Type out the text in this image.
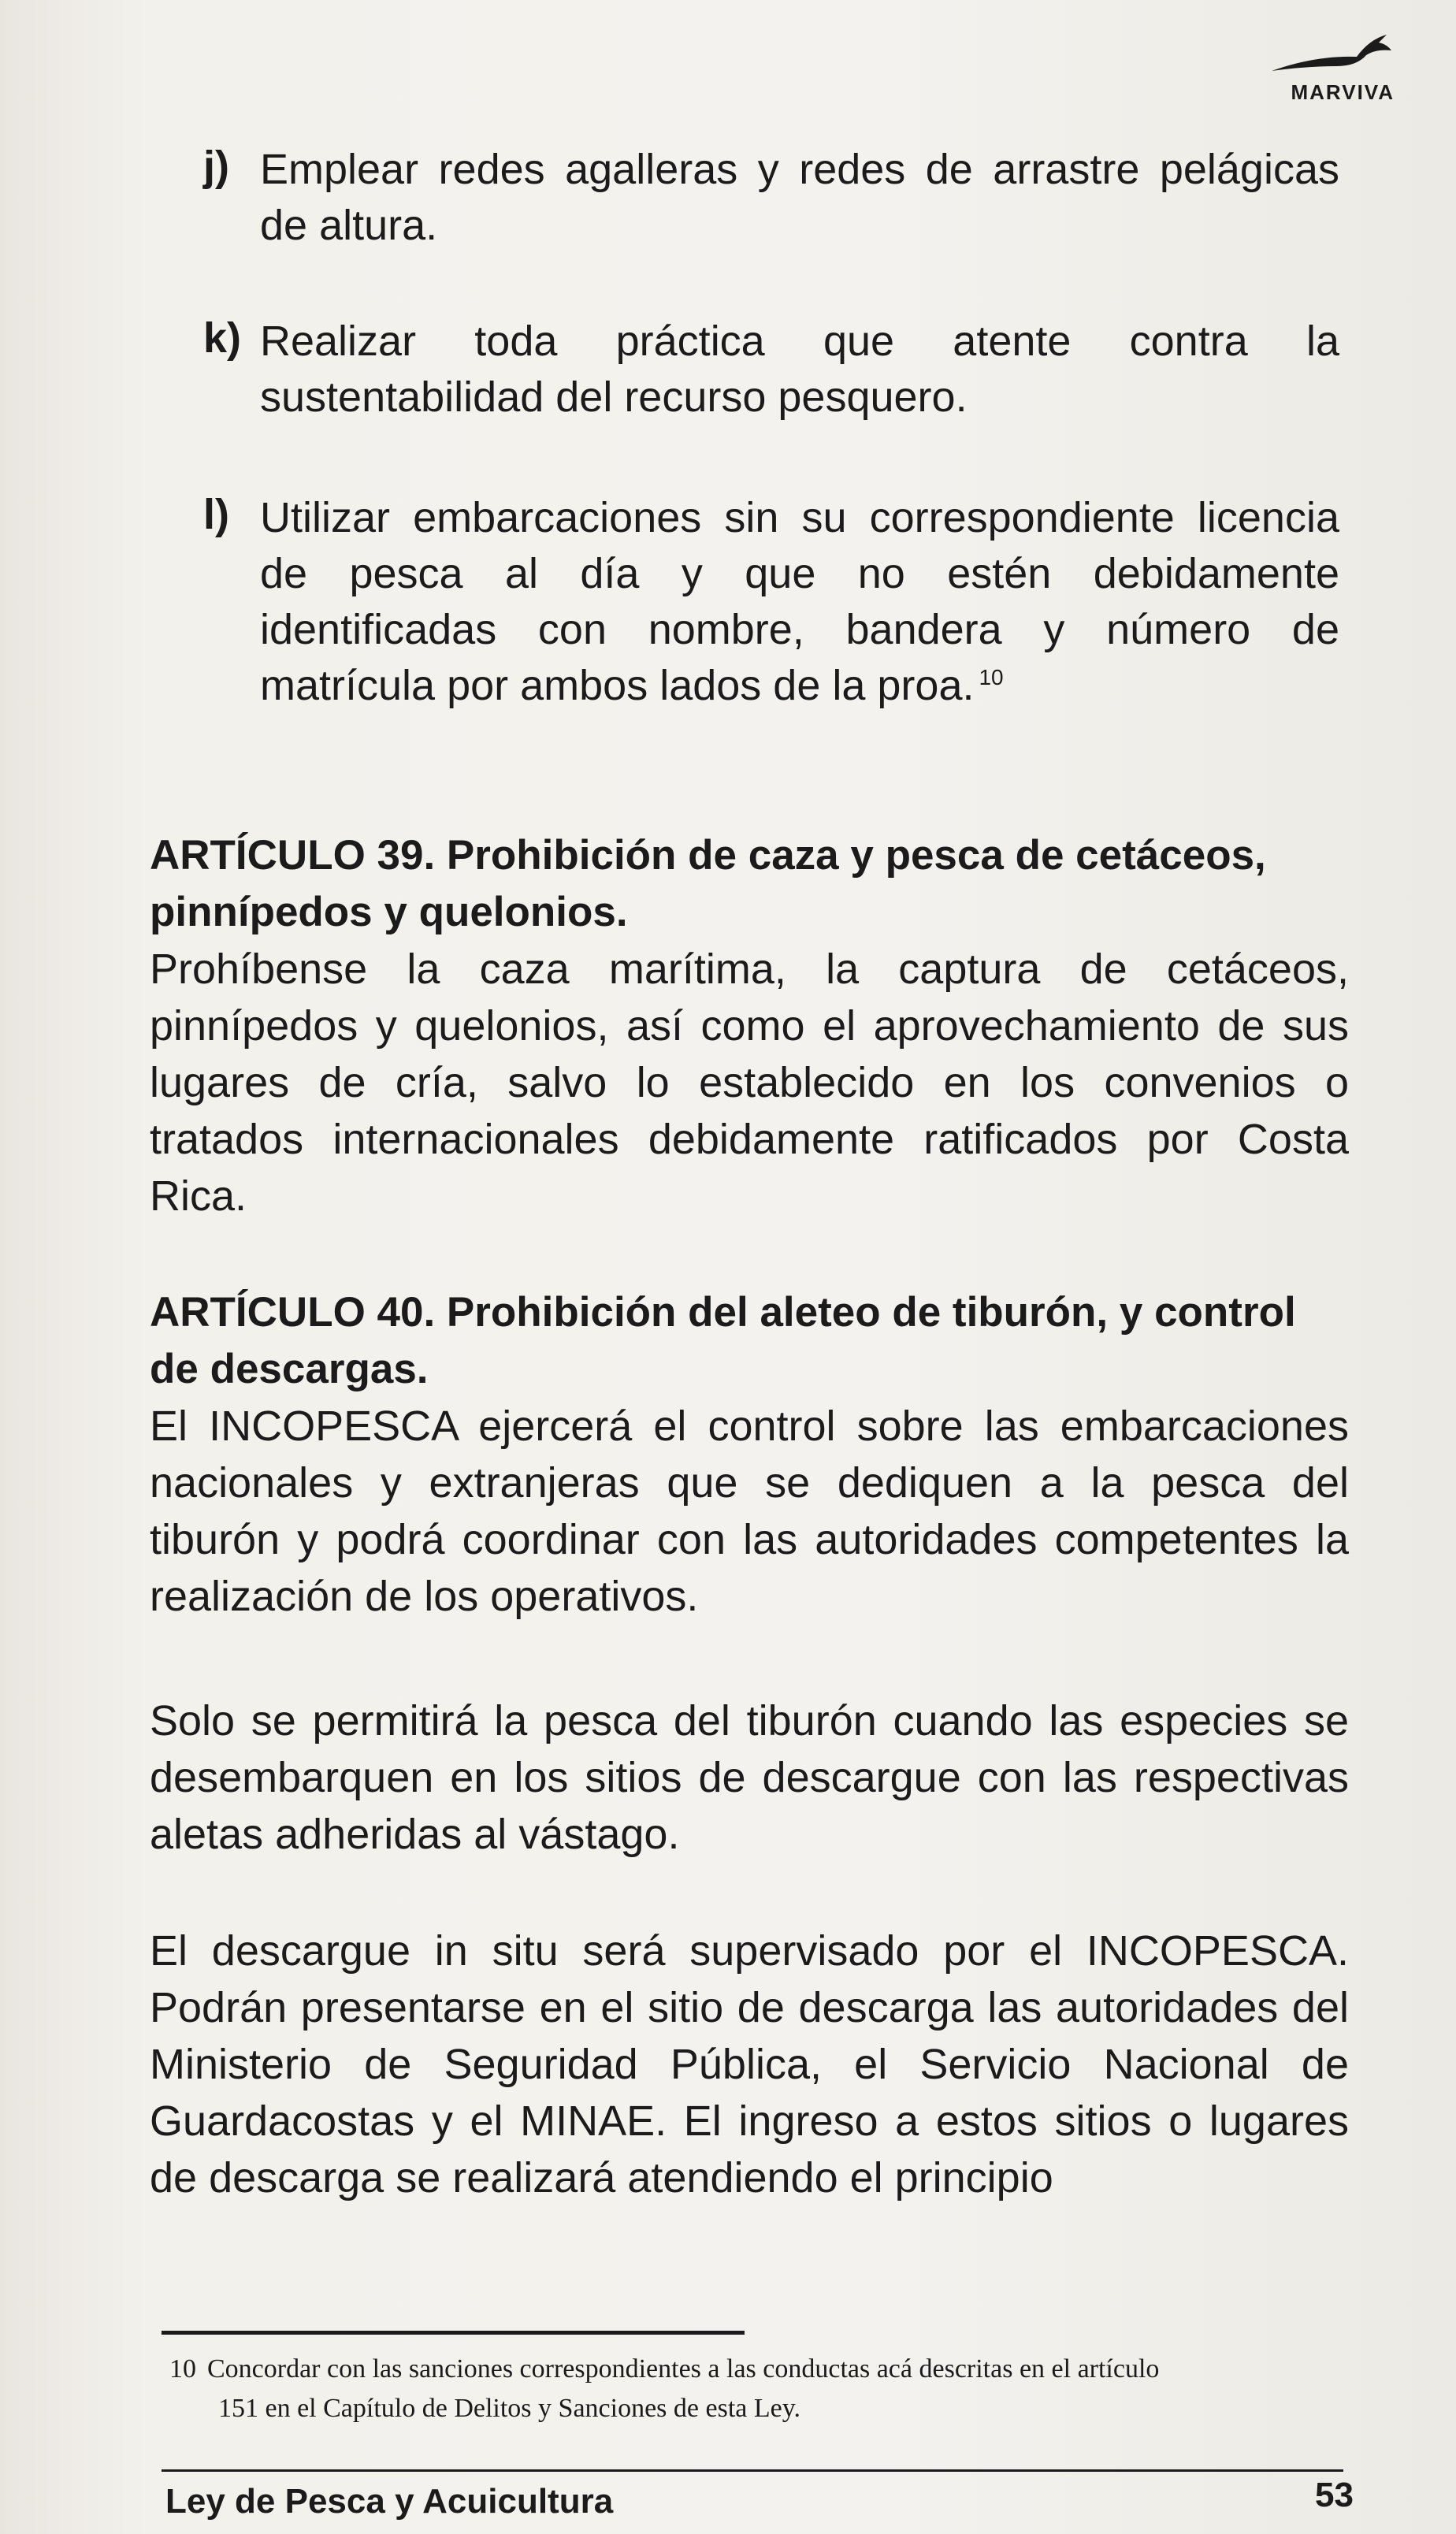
MARVIVA
j) Emplear redes agalleras y redes de arrastre pelágicas de altura.
k) Realizar toda práctica que atente contra la sustentabilidad del recurso pesquero.
l) Utilizar embarcaciones sin su correspondiente licencia de pesca al día y que no estén debidamente identificadas con nombre, bandera y número de matrícula por ambos lados de la proa. $^{10}$
ARTÍCULO 39. Prohibición de caza y pesca de cetáceos, pinnípedos y quelonios.

Prohíbense la caza marítima, la captura de cetáceos, pinnípedos y quelonios, así como el aprovechamiento de sus lugares de cría, salvo lo establecido en los convenios o tratados internacionales debidamente ratificados por Costa Rica.

ARTÍCULO 40. Prohibición del aleteo de tiburón, y control de descargas.

El INCOPESCA ejercerá el control sobre las embarcaciones nacionales y extranjeras que se dediquen a la pesca del tiburón y podrá coordinar con las autoridades competentes la realización de los operativos.

Solo se permitirá la pesca del tiburón cuando las especies se desembarquen en los sitios de descargue con las respectivas aletas adheridas al vástago.

El descargue in situ será supervisado por el INCOPESCA. Podrán presentarse en el sitio de descarga las autoridades del Ministerio de Seguridad Pública, el Servicio Nacional de Guardacostas y el MINAE. El ingreso a estos sitios o lugares de descarga se realizará atendiendo el principio

10 Concordar con las sanciones correspondientes a las conductas acá descritas en el artículo
151 en el Capítulo de Delitos y Sanciones de esta Ley.
Ley de Pesca y Acuicultura	53
